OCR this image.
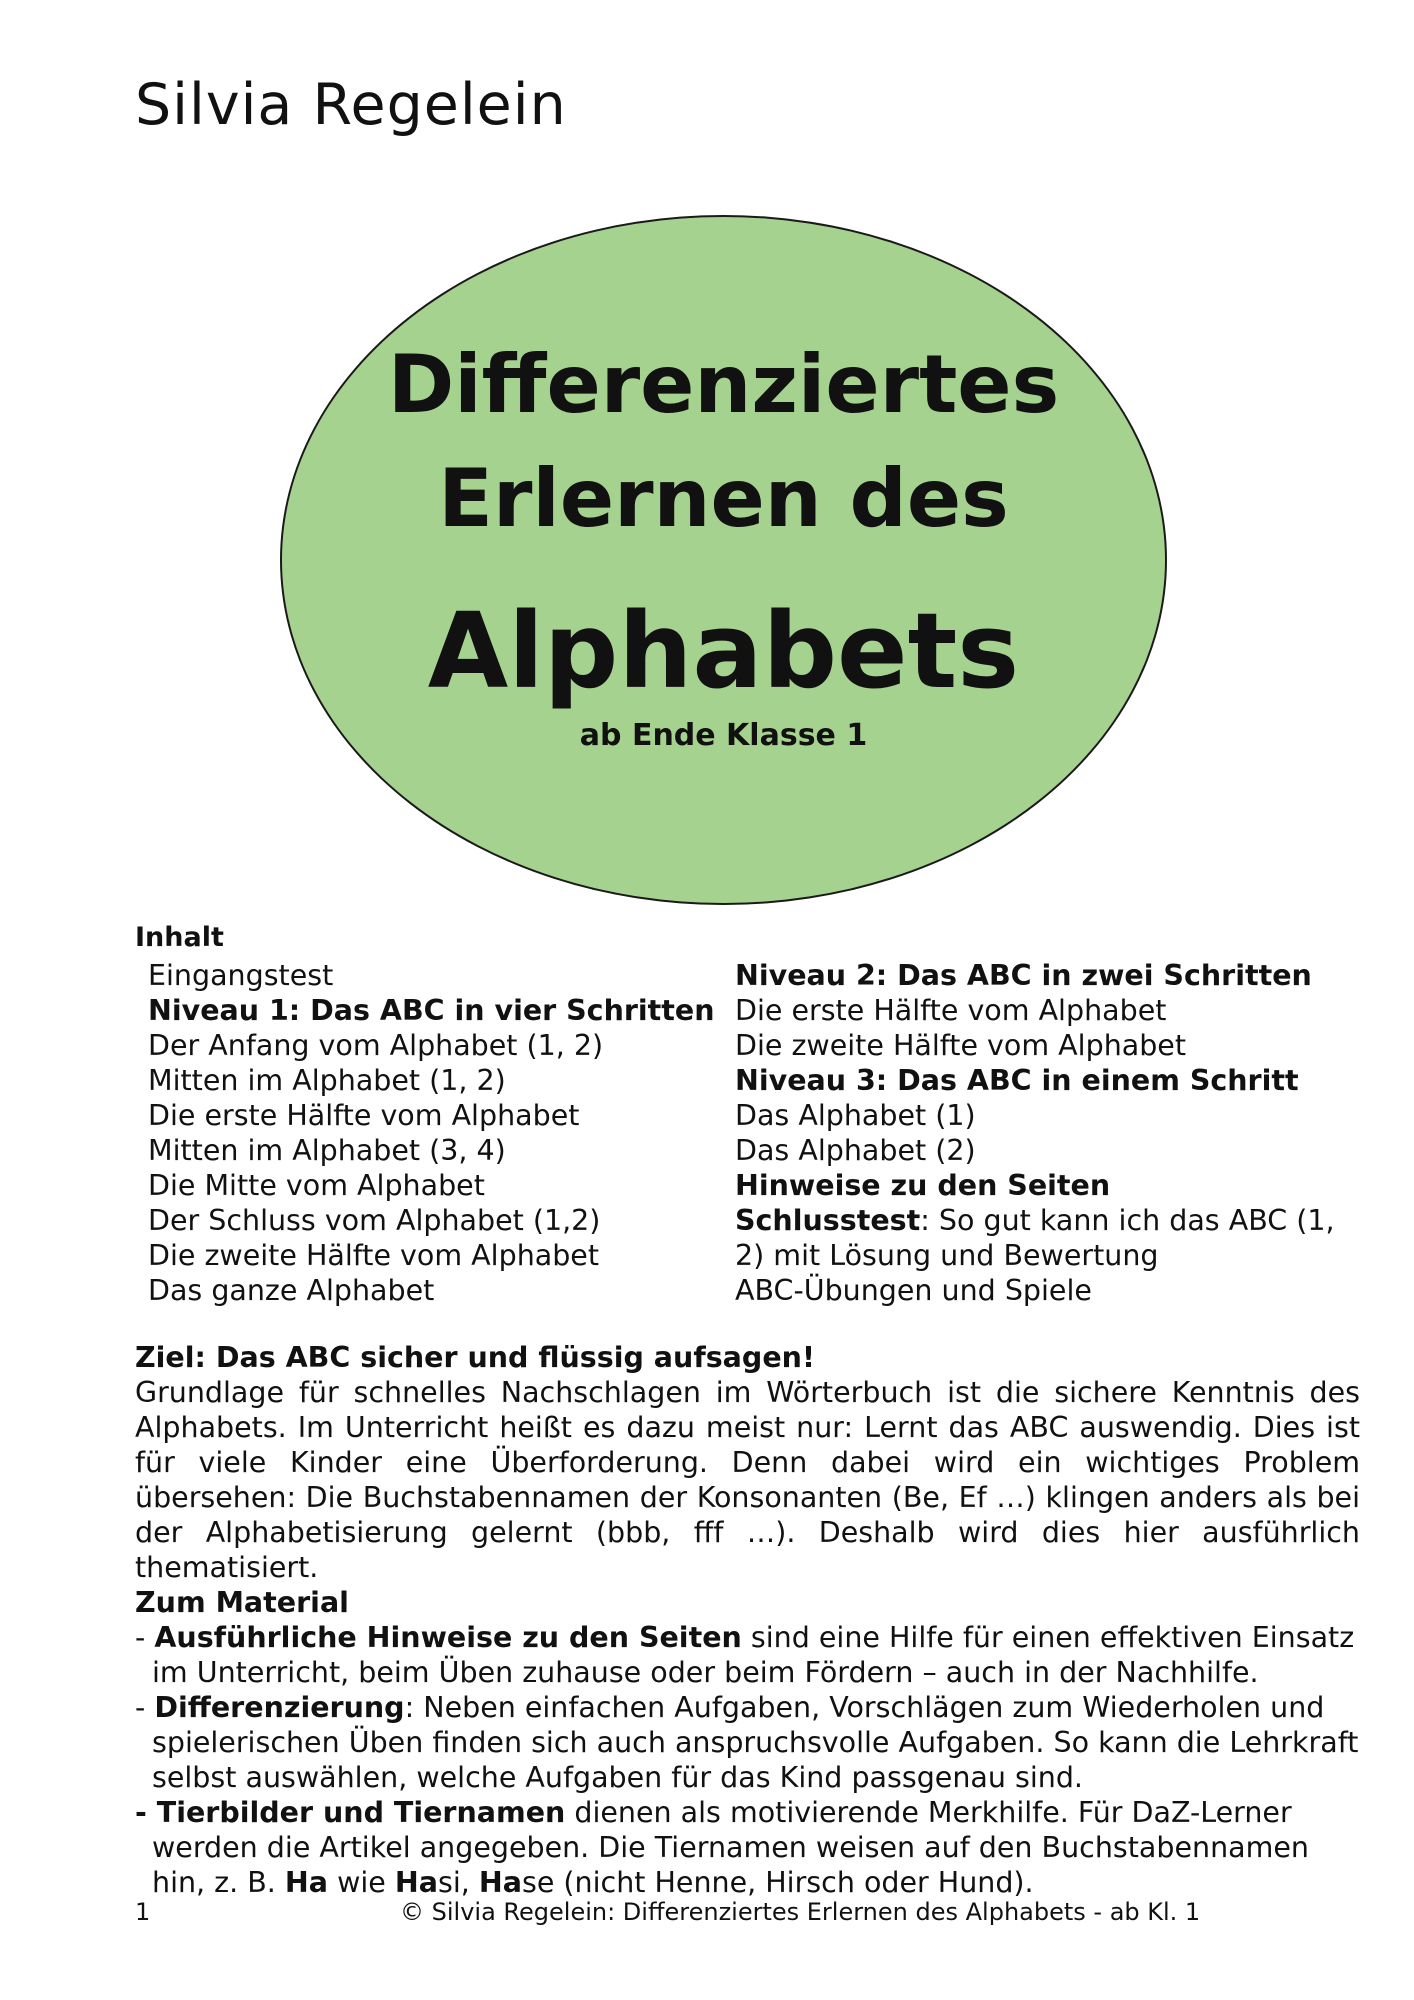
Silvia Regelein
Differenziertes
Erlernen des
Alphabets
ab Ende Klasse 1
Inhalt
Eingangstest
Niveau 1: Das ABC in vier Schritten
Der Anfang vom Alphabet (1, 2)
Mitten im Alphabet (1, 2)
Die erste Hälfte vom Alphabet
Mitten im Alphabet (3, 4)
Die Mitte vom Alphabet
Der Schluss vom Alphabet (1,2)
Die zweite Hälfte vom Alphabet
Das ganze Alphabet
Niveau 2: Das ABC in zwei Schritten
Die erste Hälfte vom Alphabet
Die zweite Hälfte vom Alphabet
Niveau 3: Das ABC in einem Schritt
Das Alphabet (1)
Das Alphabet (2)
Hinweise zu den Seiten
Schlusstest: So gut kann ich das ABC (1,
2) mit Lösung und Bewertung
ABC-Übungen und Spiele
Ziel: Das ABC sicher und flüssig aufsagen!
Grundlage für schnelles Nachschlagen im Wörterbuch ist die sichere Kenntnis des Alphabets. Im Unterricht heißt es dazu meist nur: Lernt das ABC auswendig. Dies ist für viele Kinder eine Überforderung. Denn dabei wird ein wichtiges Problem übersehen: Die Buchstabennamen der Konsonanten (Be, Ef …) klingen anders als bei der Alphabetisierung gelernt (bbb, fff …). Deshalb wird dies hier ausführlich thematisiert.
Zum Material
- Ausführliche Hinweise zu den Seiten sind eine Hilfe für einen effektiven Einsatz im Unterricht, beim Üben zuhause oder beim Fördern – auch in der Nachhilfe.
- Differenzierung: Neben einfachen Aufgaben, Vorschlägen zum Wiederholen und spielerischen Üben finden sich auch anspruchsvolle Aufgaben. So kann die Lehrkraft selbst auswählen, welche Aufgaben für das Kind passgenau sind.
- Tierbilder und Tiernamen dienen als motivierende Merkhilfe. Für DaZ-Lerner werden die Artikel angegeben. Die Tiernamen weisen auf den Buchstabennamen hin, z. B. Ha wie Hasi, Hase (nicht Henne, Hirsch oder Hund).
1	© Silvia Regelein: Differenziertes Erlernen des Alphabets - ab Kl. 1
